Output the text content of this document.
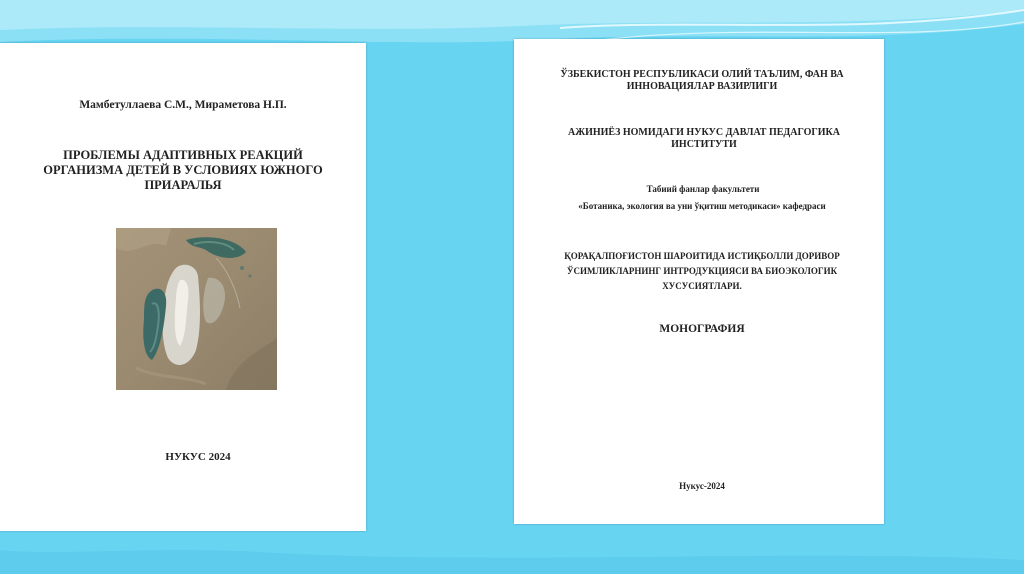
Мамбетуллаева С.М., Мираметова Н.П.
ПРОБЛЕМЫ АДАПТИВНЫХ РЕАКЦИЙ
ОРГАНИЗМА ДЕТЕЙ В УСЛОВИЯХ ЮЖНОГО
ПРИАРАЛЬЯ
НУКУС 2024
ЎЗБЕКИСТОН РЕСПУБЛИКАСИ ОЛИЙ ТАЪЛИМ, ФАН ВА
ИННОВАЦИЯЛАР ВАЗИРЛИГИ
АЖИНИЁЗ НОМИДАГИ НУКУС ДАВЛАТ ПЕДАГОГИКА
ИНСТИТУТИ
Табиий фанлар факультети
«Ботаника, экология ва уни ўқитиш методикаси» кафедраси
ҚОРАҚАЛПОҒИСТОН ШАРОИТИДА ИСТИҚБОЛЛИ ДОРИВОР
ЎСИМЛИКЛАРНИНГ ИНТРОДУКЦИЯСИ ВА БИОЭКОЛОГИК
ХУСУСИЯТЛАРИ.
МОНОГРАФИЯ
Нукус-2024
